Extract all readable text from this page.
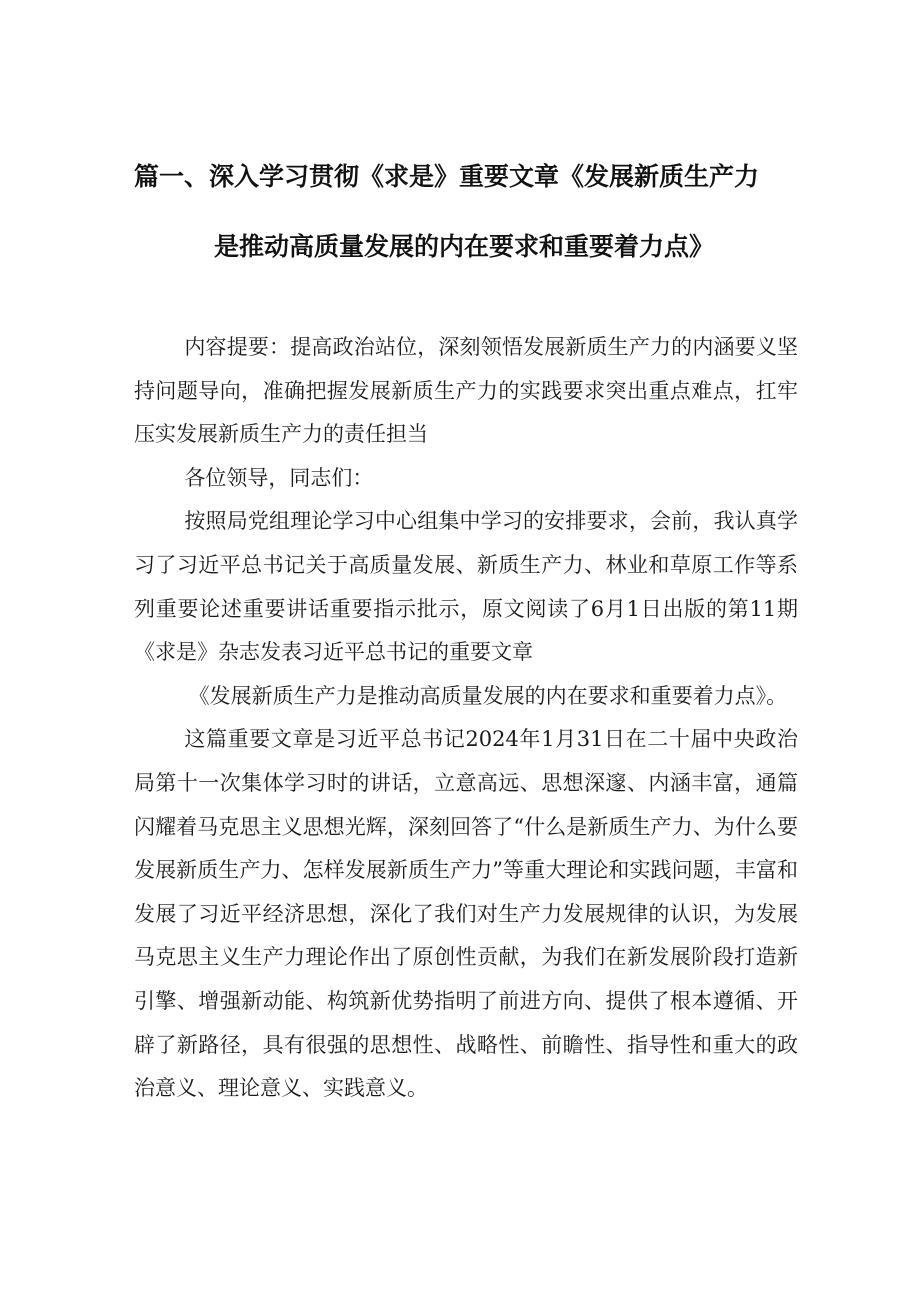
篇一、深入学习贯彻《求是》重要文章《发展新质生产力
是推动高质量发展的内在要求和重要着力点》

内容提要：提高政治站位，深刻领悟发展新质生产力的内涵要义坚持问题导向，准确把握发展新质生产力的实践要求突出重点难点，扛牢压实发展新质生产力的责任担当

各位领导，同志们：

按照局党组理论学习中心组集中学习的安排要求，会前，我认真学习了习近平总书记关于高质量发展、新质生产力、林业和草原工作等系列重要论述重要讲话重要指示批示，原文阅读了6月1日出版的第11期《求是》杂志发表习近平总书记的重要文章

《发展新质生产力是推动高质量发展的内在要求和重要着力点》。

这篇重要文章是习近平总书记2024年1月31日在二十届中央政治局第十一次集体学习时的讲话，立意高远、思想深邃、内涵丰富，通篇闪耀着马克思主义思想光辉，深刻回答了“什么是新质生产力、为什么要发展新质生产力、怎样发展新质生产力”等重大理论和实践问题，丰富和发展了习近平经济思想，深化了我们对生产力发展规律的认识，为发展马克思主义生产力理论作出了原创性贡献，为我们在新发展阶段打造新引擎、增强新动能、构筑新优势指明了前进方向、提供了根本遵循、开辟了新路径，具有很强的思想性、战略性、前瞻性、指导性和重大的政治意义、理论意义、实践意义。
